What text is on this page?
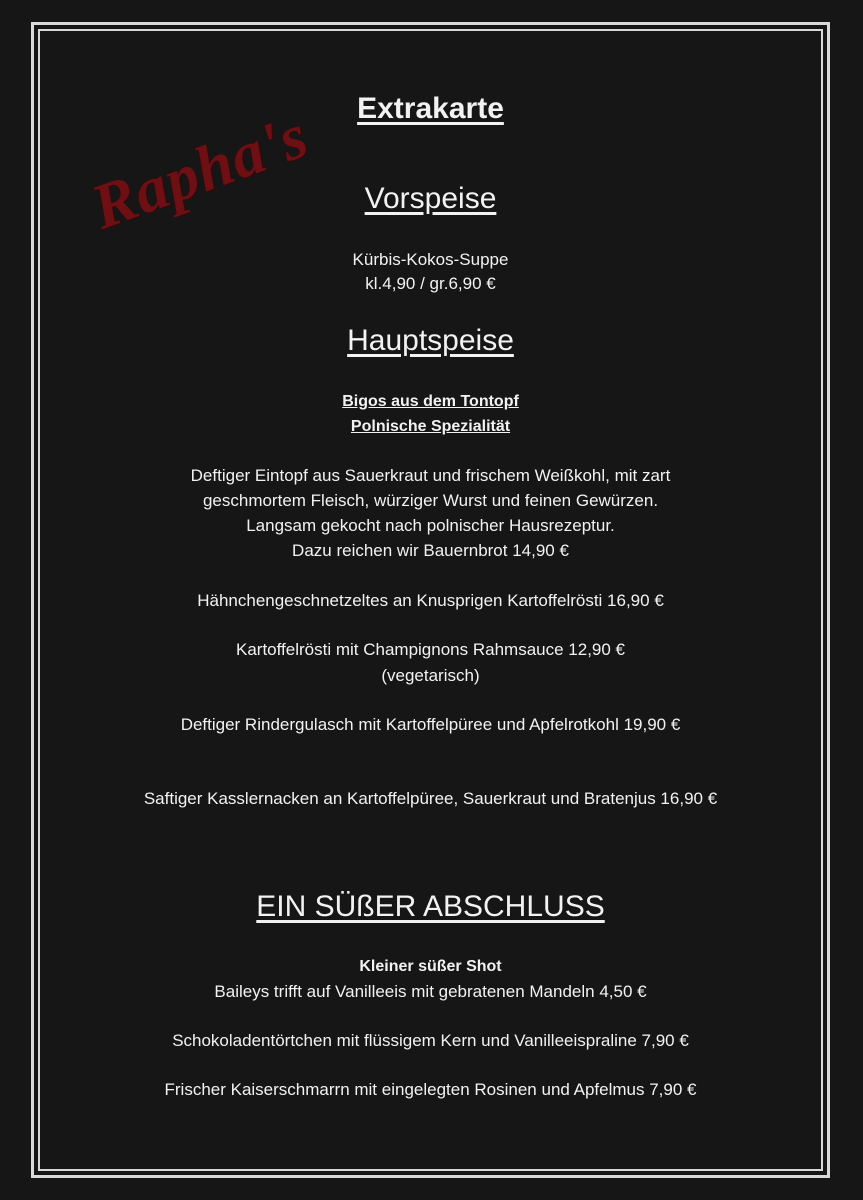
Rapha's	Extrakarte
Vorspeise
Kürbis-Kokos-Suppe
kl.4,90 / gr.6,90 €
Hauptspeise
Bigos aus dem Tontopf
Polnische Spezialität
Deftiger Eintopf aus Sauerkraut und frischem Weißkohl, mit zart
geschmortem Fleisch, würziger Wurst und feinen Gewürzen.
Langsam gekocht nach polnischer Hausrezeptur.
Dazu reichen wir Bauernbrot 14,90 €
Hähnchengeschnetzeltes an Knusprigen Kartoffelrösti 16,90 €
Kartoffelrösti mit Champignons Rahmsauce 12,90 €
(vegetarisch)
Deftiger Rindergulasch mit Kartoffelpüree und Apfelrotkohl 19,90 €
Saftiger Kasslernacken an Kartoffelpüree, Sauerkraut und Bratenjus 16,90 €
EIN SÜßER ABSCHLUSS
Kleiner süßer Shot
Baileys trifft auf Vanilleeis mit gebratenen Mandeln 4,50 €
Schokoladentörtchen mit flüssigem Kern und Vanilleeispraline 7,90 €
Frischer Kaiserschmarrn mit eingelegten Rosinen und Apfelmus 7,90 €
